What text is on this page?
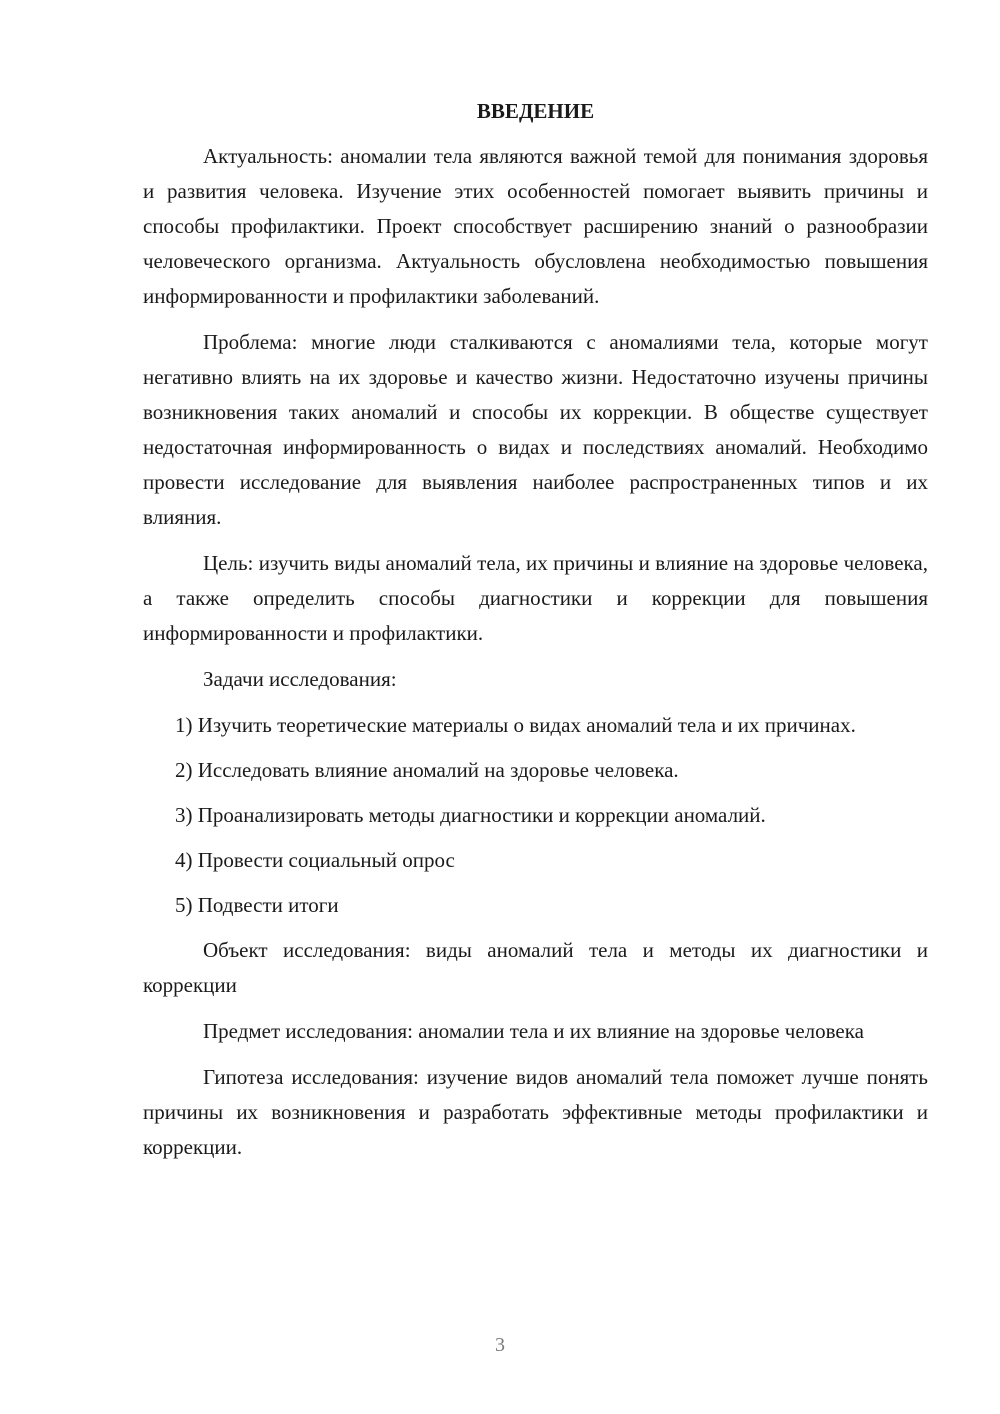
ВВЕДЕНИЕ

Актуальность: аномалии тела являются важной темой для понимания здоровья и развития человека. Изучение этих особенностей помогает выявить причины и способы профилактики. Проект способствует расширению знаний о разнообразии человеческого организма. Актуальность обусловлена необходимостью повышения информированности и профилактики заболеваний.

Проблема: многие люди сталкиваются с аномалиями тела, которые могут негативно влиять на их здоровье и качество жизни. Недостаточно изучены причины возникновения таких аномалий и способы их коррекции. В обществе существует недостаточная информированность о видах и последствиях аномалий. Необходимо провести исследование для выявления наиболее распространенных типов и их влияния.

Цель: изучить виды аномалий тела, их причины и влияние на здоровье человека, а также определить способы диагностики и коррекции для повышения информированности и профилактики.

Задачи исследования:

1) Изучить теоретические материалы о видах аномалий тела и их причинах.

2) Исследовать влияние аномалий на здоровье человека.

3) Проанализировать методы диагностики и коррекции аномалий.

4) Провести социальный опрос

5) Подвести итоги

Объект исследования: виды аномалий тела и методы их диагностики и коррекции

Предмет исследования: аномалии тела и их влияние на здоровье человека

Гипотеза исследования: изучение видов аномалий тела поможет лучше понять причины их возникновения и разработать эффективные методы профилактики и коррекции.

3
